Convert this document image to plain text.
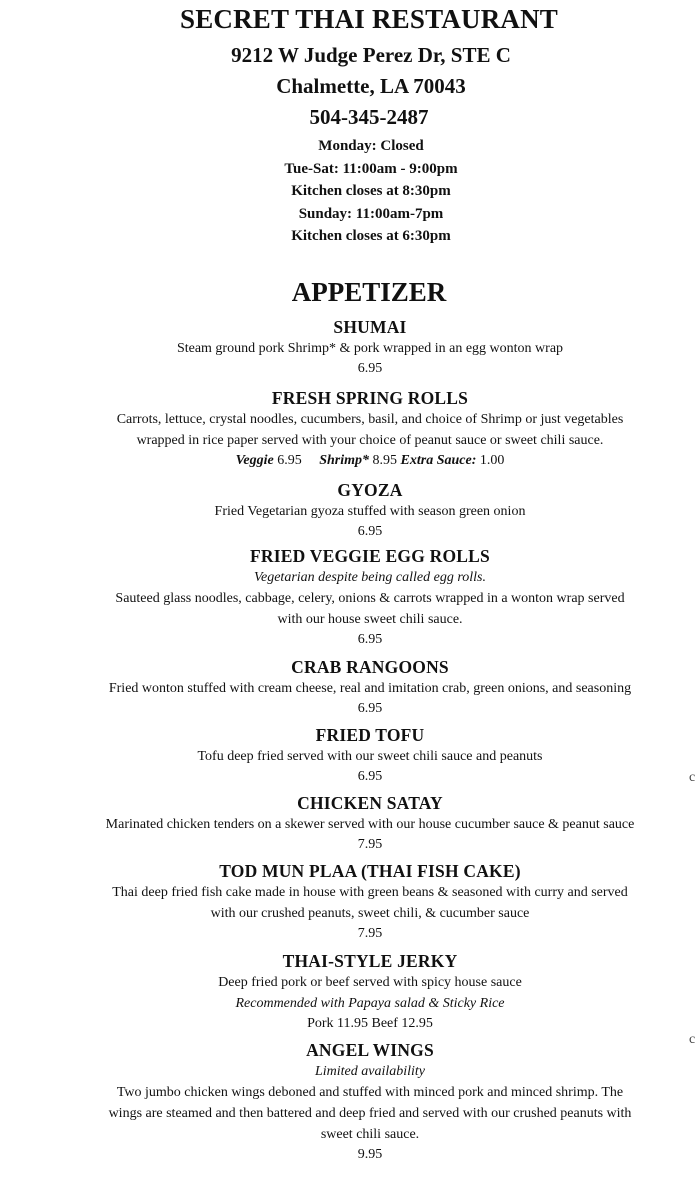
SECRET THAI RESTAURANT
9212 W Judge Perez Dr, STE C
Chalmette, LA 70043
504-345-2487
Monday: Closed
Tue-Sat: 11:00am - 9:00pm
Kitchen closes at 8:30pm
Sunday: 11:00am-7pm
Kitchen closes at 6:30pm
APPETIZER
SHUMAI
Steam ground pork Shrimp* & pork wrapped in an egg wonton wrap
6.95
FRESH SPRING ROLLS
Carrots, lettuce, crystal noodles, cucumbers, basil, and choice of Shrimp or just vegetables
wrapped in rice paper served with your choice of peanut sauce or sweet chili sauce.
Veggie 6.95 Shrimp* 8.95 Extra Sauce: 1.00
GYOZA
Fried Vegetarian gyoza stuffed with season green onion
6.95
FRIED VEGGIE EGG ROLLS
Vegetarian despite being called egg rolls.
Sauteed glass noodles, cabbage, celery, onions & carrots wrapped in a wonton wrap served
with our house sweet chili sauce.
6.95
CRAB RANGOONS
Fried wonton stuffed with cream cheese, real and imitation crab, green onions, and seasoning
6.95
FRIED TOFU
Tofu deep fried served with our sweet chili sauce and peanuts
6.95
CHICKEN SATAY
Marinated chicken tenders on a skewer served with our house cucumber sauce & peanut sauce
7.95
TOD MUN PLAA (THAI FISH CAKE)
Thai deep fried fish cake made in house with green beans & seasoned with curry and served
with our crushed peanuts, sweet chili, & cucumber sauce
7.95
THAI-STYLE JERKY
Deep fried pork or beef served with spicy house sauce
Recommended with Papaya salad & Sticky Rice
Pork 11.95 Beef 12.95
ANGEL WINGS
Limited availability
Two jumbo chicken wings deboned and stuffed with minced pork and minced shrimp. The
wings are steamed and then battered and deep fried and served with our crushed peanuts with
sweet chili sauce.
9.95
c
c
